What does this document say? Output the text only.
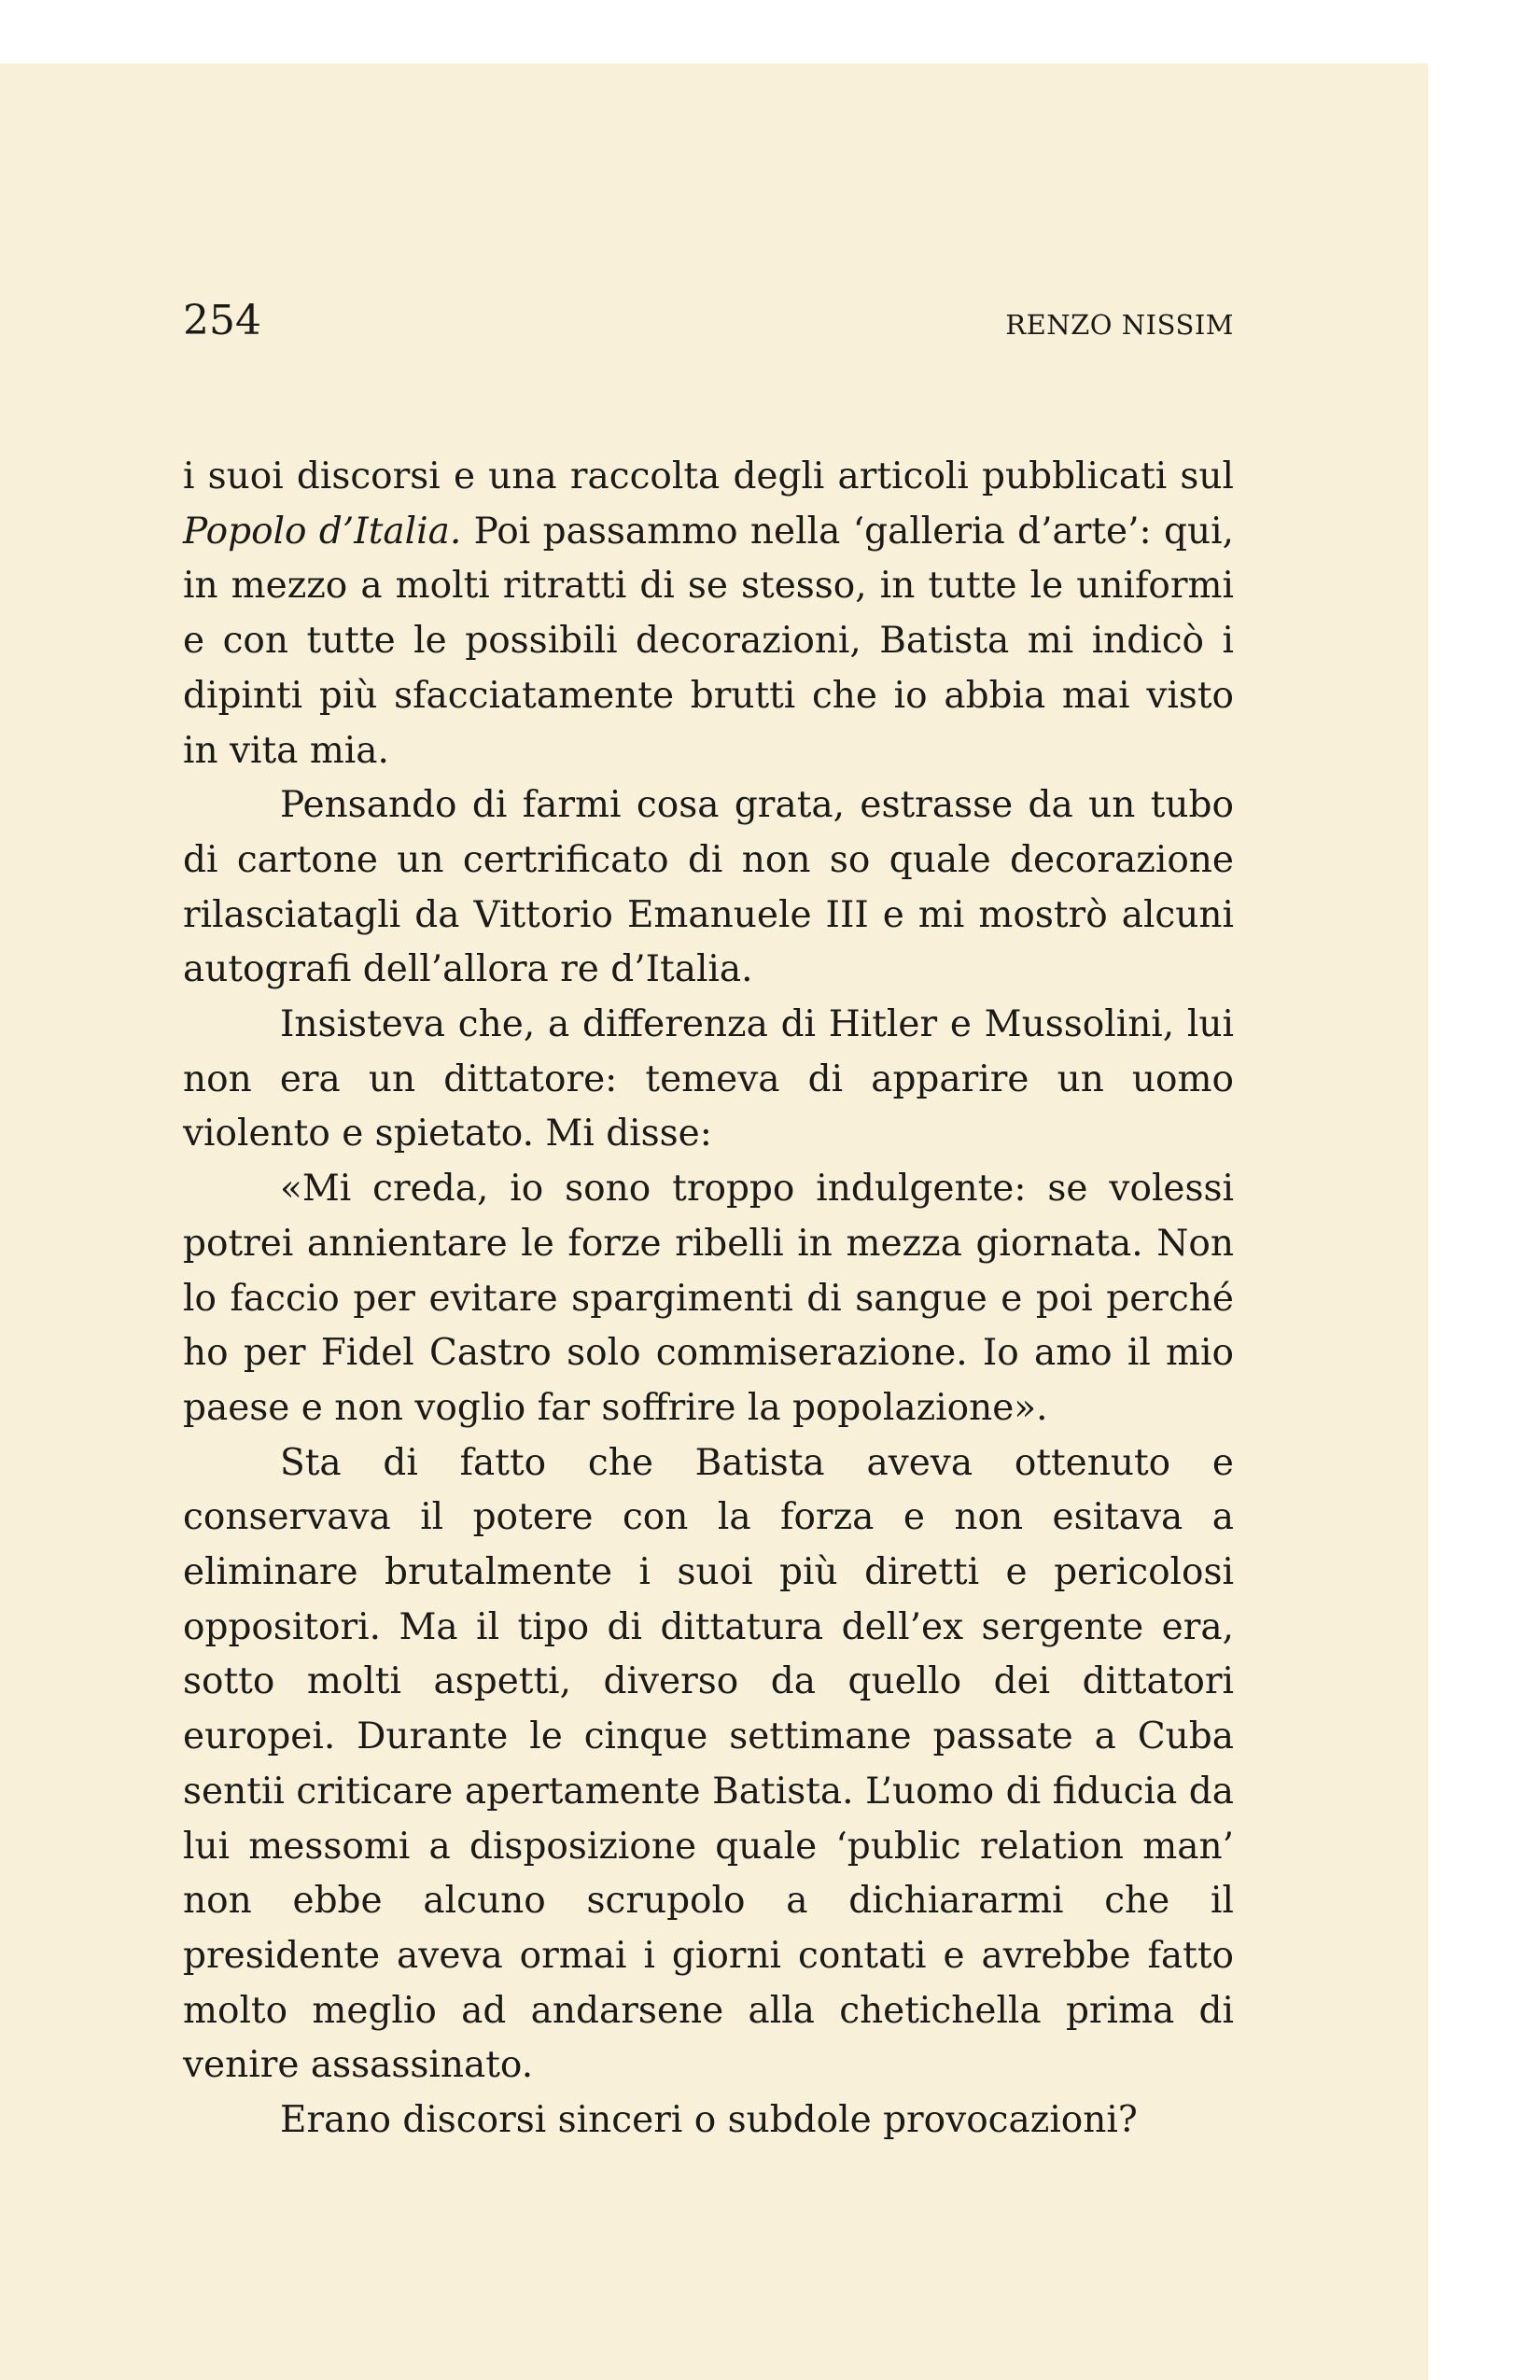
254	RENZO NISSIM

i suoi discorsi e una raccolta degli articoli pubblicati sul Popolo d’Italia. Poi passammo nella ‘galleria d’arte’: qui, in mezzo a molti ritratti di se stesso, in tutte le uniformi e con tutte le possibili decorazioni, Batista mi indicò i dipinti più sfacciatamente brutti che io abbia mai visto in vita mia.

Pensando di farmi cosa grata, estrasse da un tubo di cartone un certrificato di non so quale decorazione rilasciatagli da Vittorio Emanuele III e mi mostrò alcuni autografi dell’allora re d’Italia.

Insisteva che, a differenza di Hitler e Mussolini, lui non era un dittatore: temeva di apparire un uomo violento e spietato. Mi disse:

«Mi creda, io sono troppo indulgente: se volessi potrei annientare le forze ribelli in mezza giornata. Non lo faccio per evitare spargimenti di sangue e poi perché ho per Fidel Castro solo commiserazione. Io amo il mio paese e non voglio far soffrire la popolazione».

Sta di fatto che Batista aveva ottenuto e conservava il potere con la forza e non esitava a eliminare brutalmente i suoi più diretti e pericolosi oppositori. Ma il tipo di dittatura dell’ex sergente era, sotto molti aspetti, diverso da quello dei dittatori europei. Durante le cinque settimane passate a Cuba sentii criticare apertamente Batista. L’uomo di fiducia da lui messomi a disposizione quale ‘public relation man’ non ebbe alcuno scrupolo a dichiararmi che il presidente aveva ormai i giorni contati e avrebbe fatto molto meglio ad andarsene alla chetichella prima di venire assassinato.

Erano discorsi sinceri o subdole provocazioni?
